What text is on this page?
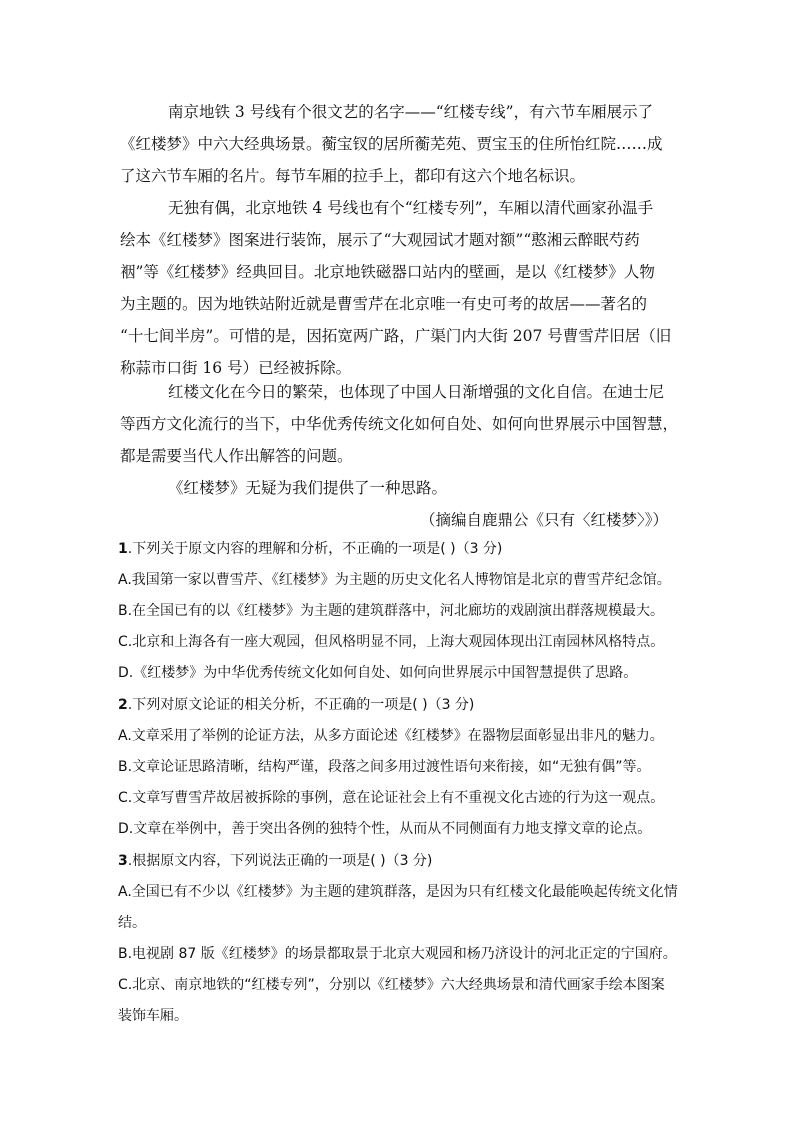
南京地铁 3 号线有个很文艺的名字——“红楼专线”，有六节车厢展示了
《红楼梦》中六大经典场景。蘅宝钗的居所蘅芜苑、贾宝玉的住所怡红院……成
了这六节车厢的名片。每节车厢的拉手上，都印有这六个地名标识。
无独有偶，北京地铁 4 号线也有个“红楼专列”，车厢以清代画家孙温手
绘本《红楼梦》图案进行装饰，展示了“大观园试才题对额”“憨湘云醉眠芍药
裀”等《红楼梦》经典回目。北京地铁磁器口站内的壁画，是以《红楼梦》人物
为主题的。因为地铁站附近就是曹雪芹在北京唯一有史可考的故居——著名的
“十七间半房”。可惜的是，因拓宽两广路，广渠门内大街 207 号曹雪芹旧居（旧
称蒜市口街 16 号）已经被拆除。
红楼文化在今日的繁荣，也体现了中国人日渐增强的文化自信。在迪士尼
等西方文化流行的当下，中华优秀传统文化如何自处、如何向世界展示中国智慧，
都是需要当代人作出解答的问题。
《红楼梦》无疑为我们提供了一种思路。
（摘编自鹿鼎公《只有〈红楼梦〉》）
1.下列关于原文内容的理解和分析，不正确的一项是( )（3 分)
A.我国第一家以曹雪芹、《红楼梦》为主题的历史文化名人博物馆是北京的曹雪芹纪念馆。
B.在全国已有的以《红楼梦》为主题的建筑群落中，河北廊坊的戏剧演出群落规模最大。
C.北京和上海各有一座大观园，但风格明显不同，上海大观园体现出江南园林风格特点。
D.《红楼梦》为中华优秀传统文化如何自处、如何向世界展示中国智慧提供了思路。
2.下列对原文论证的相关分析，不正确的一项是( )（3 分)
A.文章采用了举例的论证方法，从多方面论述《红楼梦》在器物层面彰显出非凡的魅力。
B.文章论证思路清晰，结构严谨，段落之间多用过渡性语句来衔接，如“无独有偶”等。
C.文章写曹雪芹故居被拆除的事例，意在论证社会上有不重视文化古迹的行为这一观点。
D.文章在举例中，善于突出各例的独特个性，从而从不同侧面有力地支撑文章的论点。
3.根据原文内容，下列说法正确的一项是( )（3 分)
A.全国已有不少以《红楼梦》为主题的建筑群落，是因为只有红楼文化最能唤起传统文化情
结。
B.电视剧 87 版《红楼梦》的场景都取景于北京大观园和杨乃济设计的河北正定的宁国府。
C.北京、南京地铁的“红楼专列”，分别以《红楼梦》六大经典场景和清代画家手绘本图案
装饰车厢。
